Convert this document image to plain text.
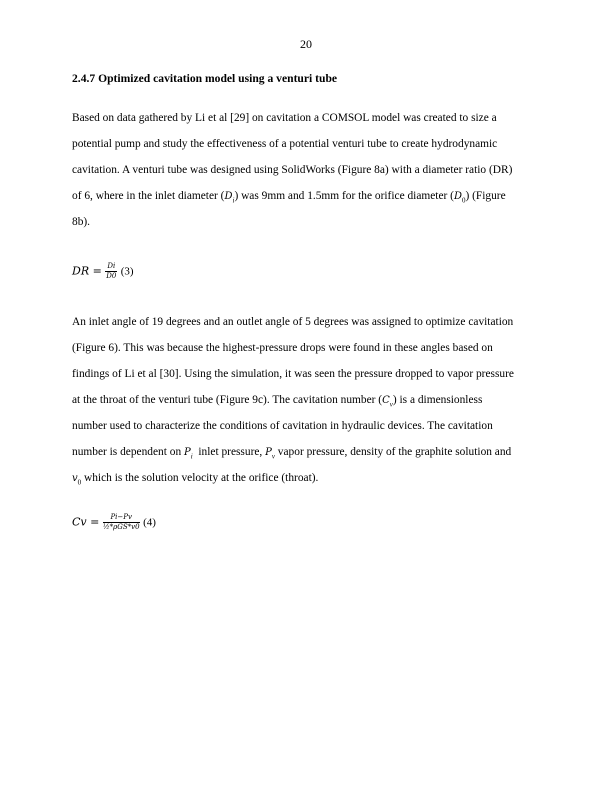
20
2.4.7 Optimized cavitation model using a venturi tube
Based on data gathered by Li et al [29] on cavitation a COMSOL model was created to size a
potential pump and study the effectiveness of a potential venturi tube to create hydrodynamic
cavitation. A venturi tube was designed using SolidWorks (Figure 8a) with a diameter ratio (DR)
of 6, where in the inlet diameter $(D_i)$ was 9mm and 1.5mm for the orifice diameter $(D_0)$ (Figure
8b).
DR = $\frac{Di}{D0} (3)$
An inlet angle of 19 degrees and an outlet angle of 5 degrees was assigned to optimize cavitation
(Figure 6). This was because the highest-pressure drops were found in these angles based on
findings of Li et al [30]. Using the simulation, it was seen the pressure dropped to vapor pressure
at the throat of the venturi tube (Figure 9c). The cavitation number $(C_v)$ is a dimensionless
number used to characterize the conditions of cavitation in hydraulic devices. The cavitation
number is dependent on $P_i$  inlet pressure, $P_v$ vapor pressure, density of the graphite solution and
$v_0$ which is the solution velocity at the orifice (throat).
$Cv = \frac{Pi-Pv}{\text{½*ρGS*v0}} (4)$
